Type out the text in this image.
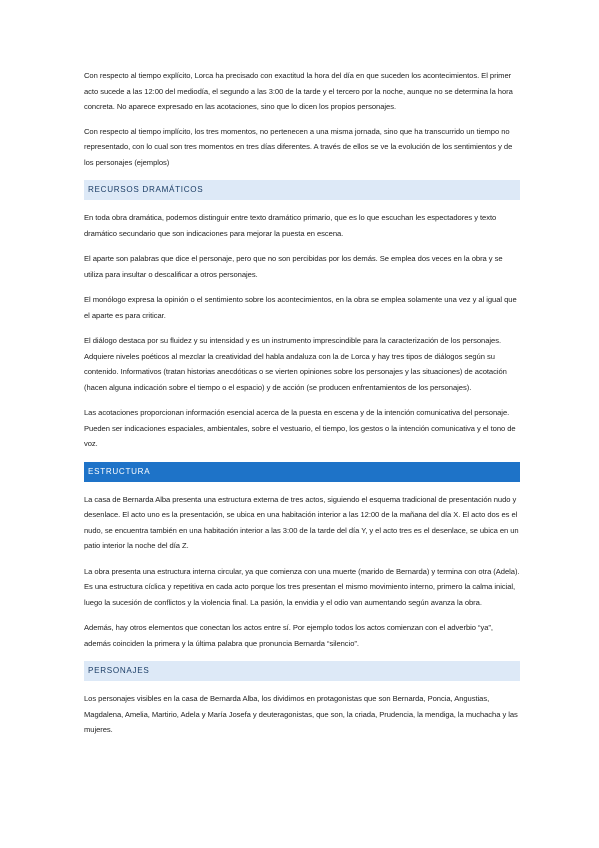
Con respecto al tiempo explícito, Lorca ha precisado con exactitud la hora del día en que suceden los acontecimientos. El primer acto sucede a las 12:00 del mediodía, el segundo a las 3:00 de la tarde y el tercero por la noche, aunque no se determina la hora concreta. No aparece expresado en las acotaciones, sino que lo dicen los propios personajes.

Con respecto al tiempo implícito, los tres momentos, no pertenecen a una misma jornada, sino que ha transcurrido un tiempo no representado, con lo cual son tres momentos en tres días diferentes. A través de ellos se ve la evolución de los sentimientos y de los personajes (ejemplos)

RECURSOS DRAMÁTICOS

En toda obra dramática, podemos distinguir entre texto dramático primario, que es lo que escuchan les espectadores y texto dramático secundario que son indicaciones para mejorar la puesta en escena.

El aparte son palabras que dice el personaje, pero que no son percibidas por los demás. Se emplea dos veces en la obra y se utiliza para insultar o descalificar a otros personajes.

El monólogo expresa la opinión o el sentimiento sobre los acontecimientos, en la obra se emplea solamente una vez y al igual que el aparte es para criticar.

El diálogo destaca por su fluidez y su intensidad y es un instrumento imprescindible para la caracterización de los personajes. Adquiere niveles poéticos al mezclar la creatividad del habla andaluza con la de Lorca y hay tres tipos de diálogos según su contenido. Informativos (tratan historias anecdóticas o se vierten opiniones sobre los personajes y las situaciones) de acotación (hacen alguna indicación sobre el tiempo o el espacio) y de acción (se producen enfrentamientos de los personajes).

Las acotaciones proporcionan información esencial acerca de la puesta en escena y de la intención comunicativa del personaje. Pueden ser indicaciones espaciales, ambientales, sobre el vestuario, el tiempo, los gestos o la intención comunicativa y el tono de voz.

ESTRUCTURA

La casa de Bernarda Alba presenta una estructura externa de tres actos, siguiendo el esquema tradicional de presentación nudo y desenlace. El acto uno es la presentación, se ubica en una habitación interior a las 12:00 de la mañana del día X. El acto dos es el nudo, se encuentra también en una habitación interior a las 3:00 de la tarde del día Y, y el acto tres es el desenlace, se ubica en un patio interior la noche del día Z.

La obra presenta una estructura interna circular, ya que comienza con una muerte (marido de Bernarda) y termina con otra (Adela). Es una estructura cíclica y repetitiva en cada acto porque los tres presentan el mismo movimiento interno, primero la calma inicial, luego la sucesión de conflictos y la violencia final. La pasión, la envidia y el odio van aumentando según avanza la obra.

Además, hay otros elementos que conectan los actos entre sí. Por ejemplo todos los actos comienzan con el adverbio “ya”, además coinciden la primera y la última palabra que pronuncia Bernarda “silencio”.

PERSONAJES

Los personajes visibles en la casa de Bernarda Alba, los dividimos en protagonistas que son Bernarda, Poncia, Angustias, Magdalena, Amelia, Martirio, Adela y María Josefa y deuteragonistas, que son, la criada, Prudencia, la mendiga, la muchacha y las mujeres.
